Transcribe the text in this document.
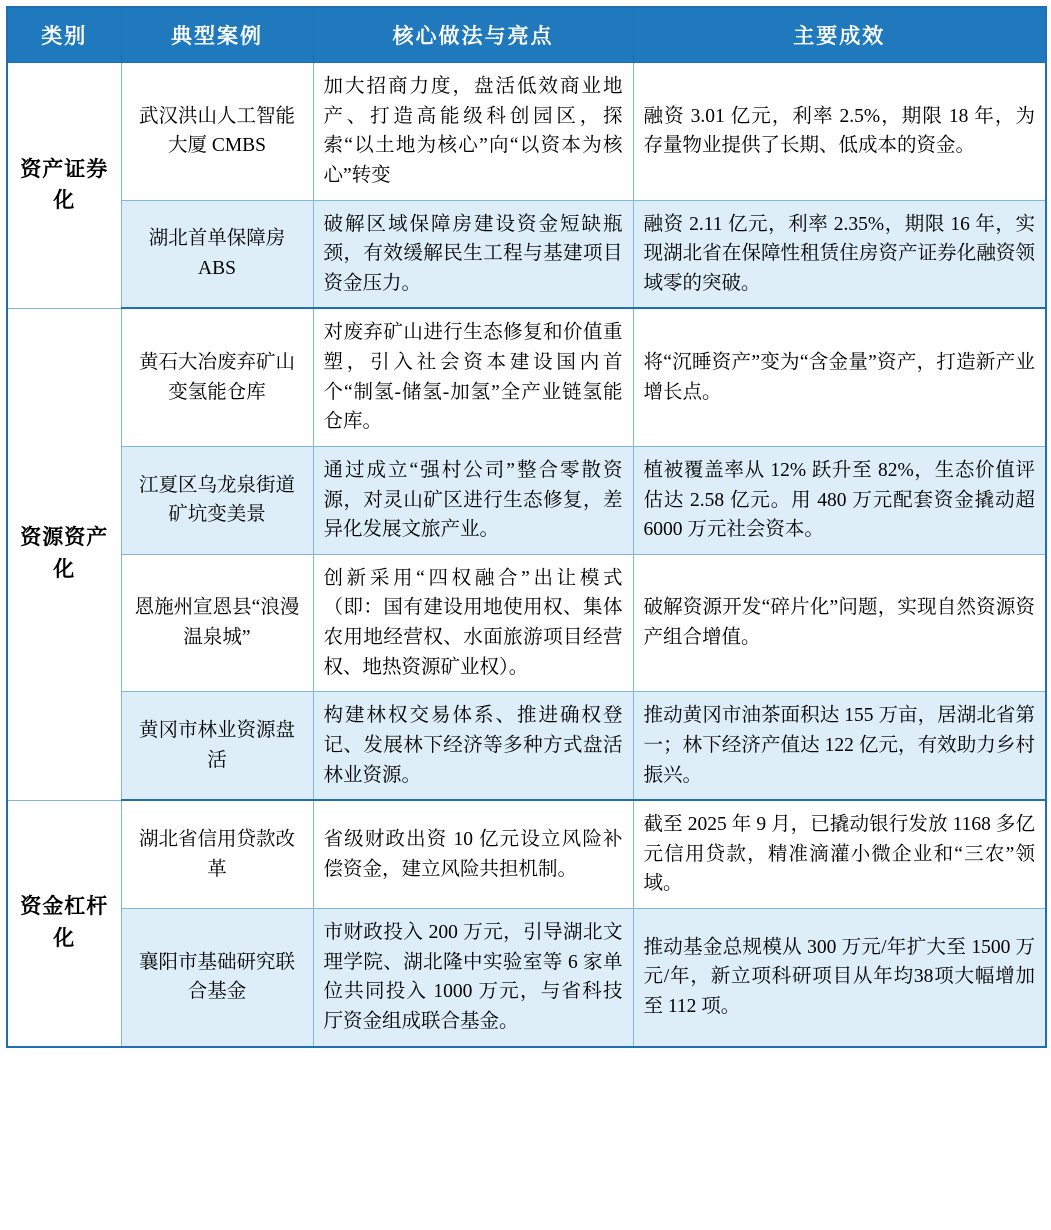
类别	典型案例	核心做法与亮点	主要成效
资产证券化	武汉洪山人工智能大厦 CMBS	加大招商力度，盘活低效商业地产、打造高能级科创园区，探索“以土地为核心”向“以资本为核心”转变	融资 3.01 亿元，利率 2.5%，期限 18 年，为存量物业提供了长期、低成本的资金。
	湖北首单保障房 ABS	破解区域保障房建设资金短缺瓶颈，有效缓解民生工程与基建项目资金压力。	融资 2.11 亿元，利率 2.35%，期限 16 年，实现湖北省在保障性租赁住房资产证券化融资领域零的突破。
资源资产化	黄石大冶废弃矿山变氢能仓库	对废弃矿山进行生态修复和价值重塑，引入社会资本建设国内首个“制氢-储氢-加氢”全产业链氢能仓库。	将“沉睡资产”变为“含金量”资产，打造新产业增长点。
	江夏区乌龙泉街道矿坑变美景	通过成立“强村公司”整合零散资源，对灵山矿区进行生态修复，差异化发展文旅产业。	植被覆盖率从 12% 跃升至 82%，生态价值评估达 2.58 亿元。用 480 万元配套资金撬动超 6000 万元社会资本。
	恩施州宣恩县“浪漫温泉城”	创新采用“四权融合”出让模式（即：国有建设用地使用权、集体农用地经营权、水面旅游项目经营权、地热资源矿业权）。	破解资源开发“碎片化”问题，实现自然资源资产组合增值。
	黄冈市林业资源盘活	构建林权交易体系、推进确权登记、发展林下经济等多种方式盘活林业资源。	推动黄冈市油茶面积达 155 万亩，居湖北省第一；林下经济产值达 122 亿元，有效助力乡村振兴。
资金杠杆化	湖北省信用贷款改革	省级财政出资 10 亿元设立风险补偿资金，建立风险共担机制。	截至 2025 年 9 月，已撬动银行发放 1168 多亿元信用贷款，精准滴灌小微企业和“三农”领域。
	襄阳市基础研究联合基金	市财政投入 200 万元，引导湖北文理学院、湖北隆中实验室等 6 家单位共同投入 1000 万元，与省科技厅资金组成联合基金。	推动基金总规模从 300 万元/年扩大至 1500 万元/年，新立项科研项目从年均38项大幅增加至 112 项。
